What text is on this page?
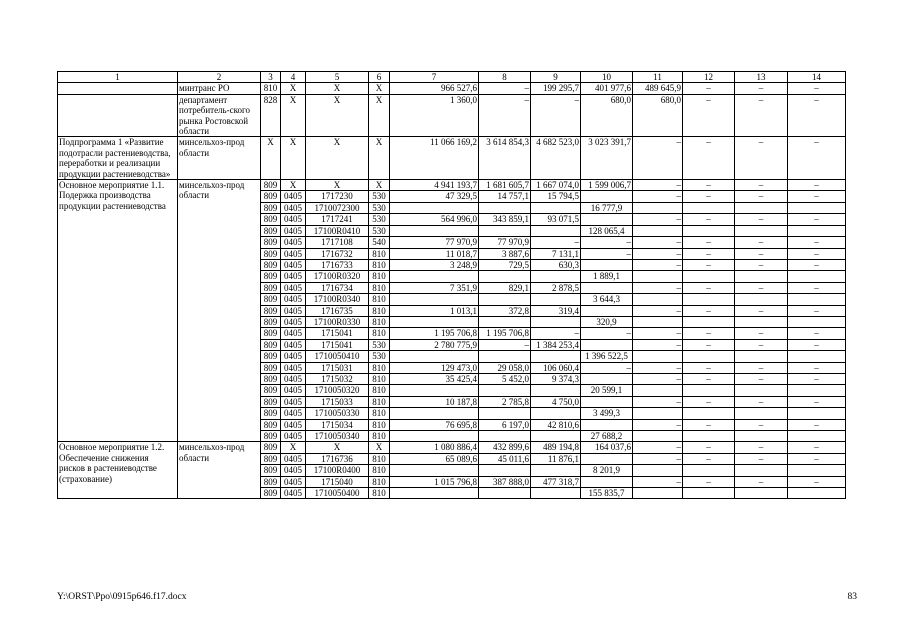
1	2	3	4	5	6	7	8	9	10	11	12	13	14
	минтранс РО	810	X	X	X	966 527,6	–	199 295,7	401 977,6	489 645,9	–	–	–
	департамент потребитель-ского рынка Ростовской области	828	X	X	X	1 360,0	–	–	680,0	680,0	–	–	–
Подпрограмма 1 «Развитие подотрасли растениеводства, переработки и реализации продукции растениеводства»	минсельхоз-прод области	X	X	X	X	11 066 169,2	3 614 854,3	4 682 523,0	3 023 391,7	–	–	–	–
Основное мероприятие 1.1. Подержка производства продукции растениеводства	минсельхоз-прод области	809	X	X	X	4 941 193,7	1 681 605,7	1 667 074,0	1 599 006,7	–	–	–	–
		809	0405	1717230	530	47 329,5	14 757,1	15 794,5		–	–	–	–
		809	0405	1710072300	530				16 777,9				
		809	0405	1717241	530	564 996,0	343 859,1	93 071,5		–	–	–	–
		809	0405	17100R0410	530				128 065,4				
		809	0405	1717108	540	77 970,9	77 970,9	–	–	–	–	–	–
		809	0405	1716732	810	11 018,7	3 887,6	7 131,1	–	–	–	–	–
		809	0405	1716733	810	3 248,9	729,5	630,3		–	–	–	–
		809	0405	17100R0320	810				1 889,1				
		809	0405	1716734	810	7 351,9	829,1	2 878,5		–	–	–	–
		809	0405	17100R0340	810				3 644,3				
		809	0405	1716735	810	1 013,1	372,8	319,4		–	–	–	–
		809	0405	17100R0330	810				320,9				
		809	0405	1715041	810	1 195 706,8	1 195 706,8	–	–	–	–	–	–
		809	0405	1715041	530	2 780 775,9	–	1 384 253,4		–	–	–	–
		809	0405	1710050410	530				1 396 522,5				
		809	0405	1715031	810	129 473,0	29 058,0	106 060,4	–	–	–	–	–
		809	0405	1715032	810	35 425,4	5 452,0	9 374,3		–	–	–	–
		809	0405	1710050320	810				20 599,1				
		809	0405	1715033	810	10 187,8	2 785,8	4 750,0		–	–	–	–
		809	0405	1710050330	810				3 499,3				
		809	0405	1715034	810	76 695,8	6 197,0	42 810,6		–	–	–	–
		809	0405	1710050340	810				27 688,2				
Основное мероприятие 1.2. Обеспечение снижения рисков в растениеводстве (страхование)	минсельхоз-прод области	809	X	X	X	1 080 886,4	432 899,6	489 194,8	164 037,6	–	–	–	–
		809	0405	1716736	810	65 089,6	45 011,6	11 876,1		–	–	–	–
		809	0405	17100R0400	810				8 201,9				
		809	0405	1715040	810	1 015 796,8	387 888,0	477 318,7		–	–	–	–
		809	0405	1710050400	810				155 835,7				
Y:\ORST\Ppo\0915p646.f17.docx	83
